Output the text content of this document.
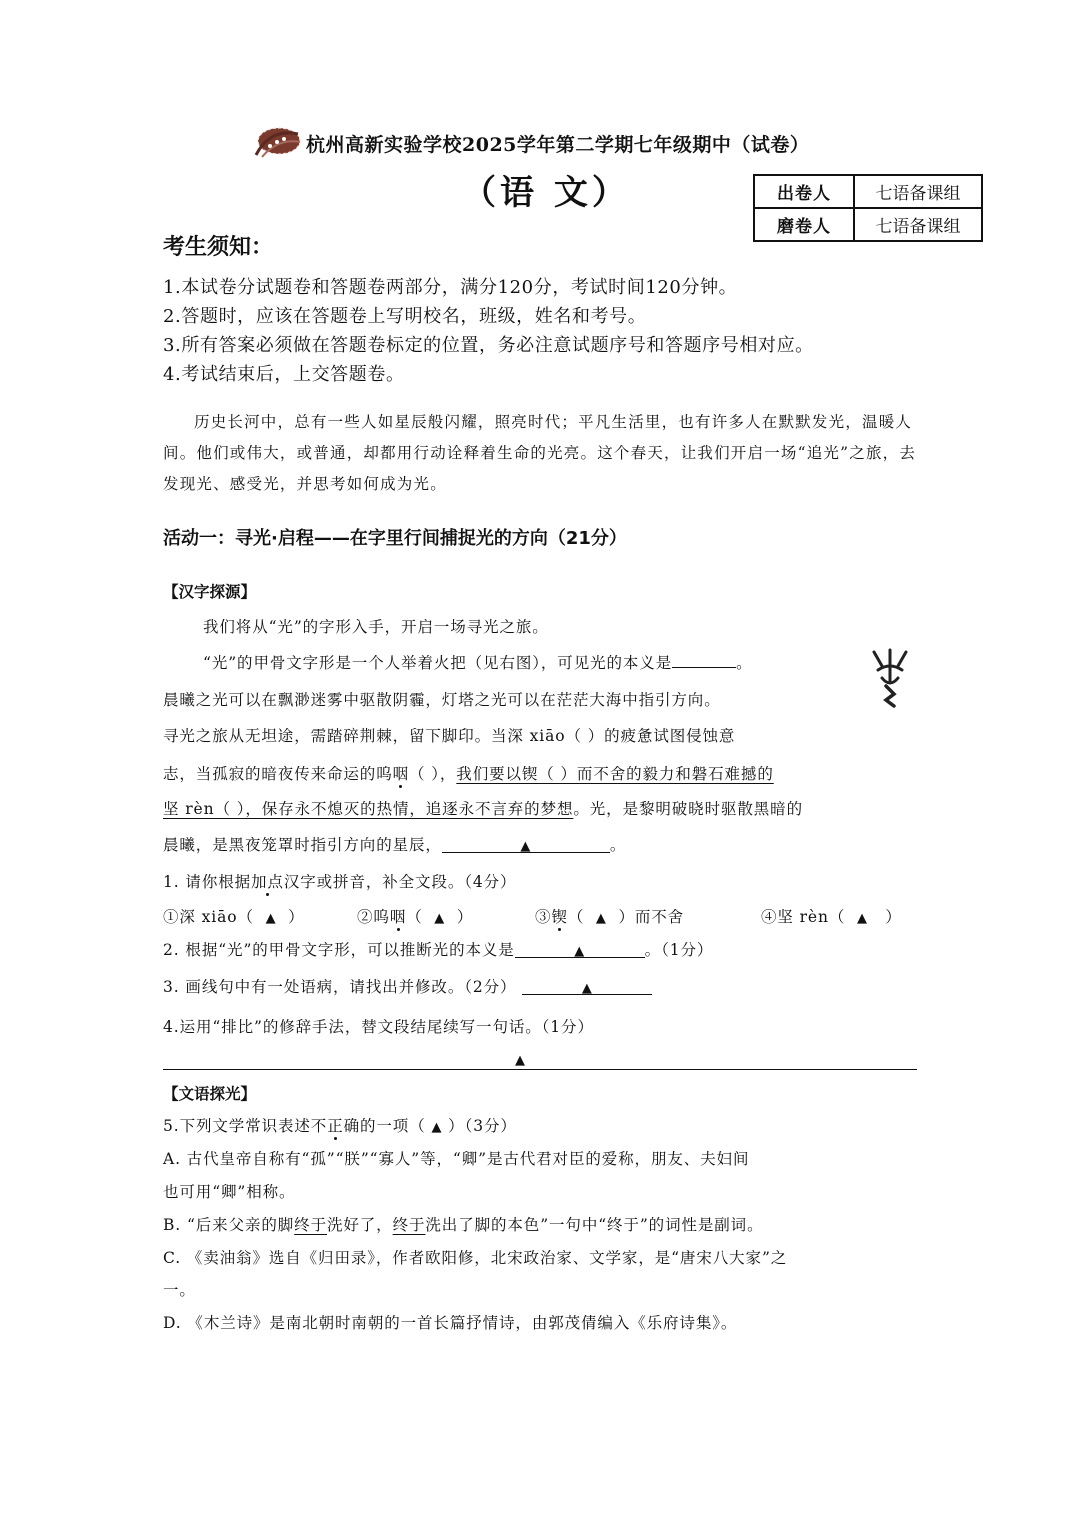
杭州高新实验学校2025学年第二学期七年级期中（试卷）
（语 文）	出卷人	七语备课组
磨卷人	七语备课组
考生须知：
1.本试卷分试题卷和答题卷两部分，满分120分，考试时间120分钟。
2.答题时，应该在答题卷上写明校名，班级，姓名和考号。
3.所有答案必须做在答题卷标定的位置，务必注意试题序号和答题序号相对应。
4.考试结束后，上交答题卷。

历史长河中，总有一些人如星辰般闪耀，照亮时代；平凡生活里，也有许多人在默默发光，温暖人间。他们或伟大，或普通，却都用行动诠释着生命的光亮。这个春天，让我们开启一场“追光”之旅，去发现光、感受光，并思考如何成为光。

活动一：寻光·启程——在字里行间捕捉光的方向（21分）
【汉字探源】
我们将从“光”的字形入手，开启一场寻光之旅。
“光”的甲骨文字形是一个人举着火把（见右图），可见光的本义是	。
晨曦之光可以在飘渺迷雾中驱散阴霾，灯塔之光可以在茫茫大海中指引方向。
寻光之旅从无坦途，需踏碎荆棘，留下脚印。当深 xiāo（ ）的疲惫试图侵蚀意
志，当孤寂的暗夜传来命运的呜咽（ ），我们要以锲（ ）而不舍的毅力和磐石难撼的
坚 rèn（ ），保存永不熄灭的热情，追逐永不言弃的梦想。光，是黎明破晓时驱散黑暗的
晨曦，是黑夜笼罩时指引方向的星辰，	▲	。
1. 请你根据加点汉字或拼音，补全文段。（4分）
①深 xiāo（ ▲ ）	②呜咽（ ▲ ）	③锲（ ▲ ）而不舍	④坚 rèn（ ▲ ）
2. 根据“光”的甲骨文字形，可以推断光的本义是	▲	。（1分）
3. 画线句中有一处语病，请找出并修改。（2分）	▲
4.运用“排比”的修辞手法，替文段结尾续写一句话。（1分）
▲
【文语探光】
5.下列文学常识表述不正确的一项（ ▲ ）（3分）
A. 古代皇帝自称有“孤”“朕”“寡人”等，“卿”是古代君对臣的爱称，朋友、夫妇间
也可用“卿”相称。
B. “后来父亲的脚终于洗好了，终于洗出了脚的本色”一句中“终于”的词性是副词。
C. 《卖油翁》选自《归田录》，作者欧阳修，北宋政治家、文学家，是“唐宋八大家”之
一。
D. 《木兰诗》是南北朝时南朝的一首长篇抒情诗，由郭茂倩编入《乐府诗集》。
